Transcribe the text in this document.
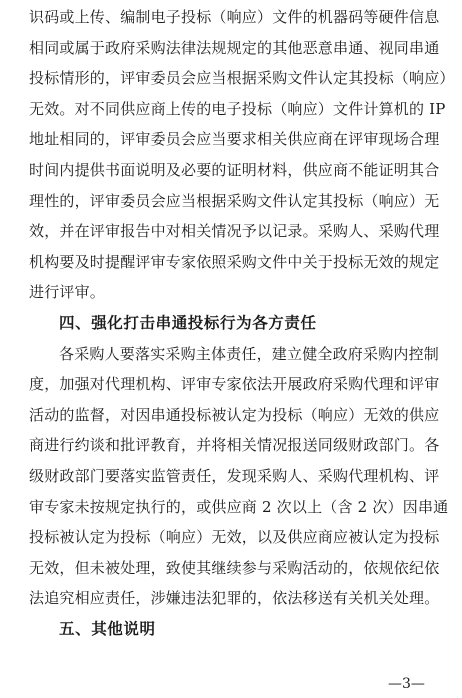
识码或上传、编制电子投标（响应）文件的机器码等硬件信息
相同或属于政府采购法律法规规定的其他恶意串通、视同串通
投标情形的，评审委员会应当根据采购文件认定其投标（响应）
无效。对不同供应商上传的电子投标（响应）文件计算机的 IP
地址相同的，评审委员会应当要求相关供应商在评审现场合理
时间内提供书面说明及必要的证明材料，供应商不能证明其合
理性的，评审委员会应当根据采购文件认定其投标（响应）无
效，并在评审报告中对相关情况予以记录。采购人、采购代理
机构要及时提醒评审专家依照采购文件中关于投标无效的规定
进行评审。
四、强化打击串通投标行为各方责任
各采购人要落实采购主体责任，建立健全政府采购内控制
度，加强对代理机构、评审专家依法开展政府采购代理和评审
活动的监督，对因串通投标被认定为投标（响应）无效的供应
商进行约谈和批评教育，并将相关情况报送同级财政部门。各
级财政部门要落实监管责任，发现采购人、采购代理机构、评
审专家未按规定执行的，或供应商 2 次以上（含 2 次）因串通
投标被认定为投标（响应）无效，以及供应商应被认定为投标
无效，但未被处理，致使其继续参与采购活动的，依规依纪依
法追究相应责任，涉嫌违法犯罪的，依法移送有关机关处理。
五、其他说明
—3—
